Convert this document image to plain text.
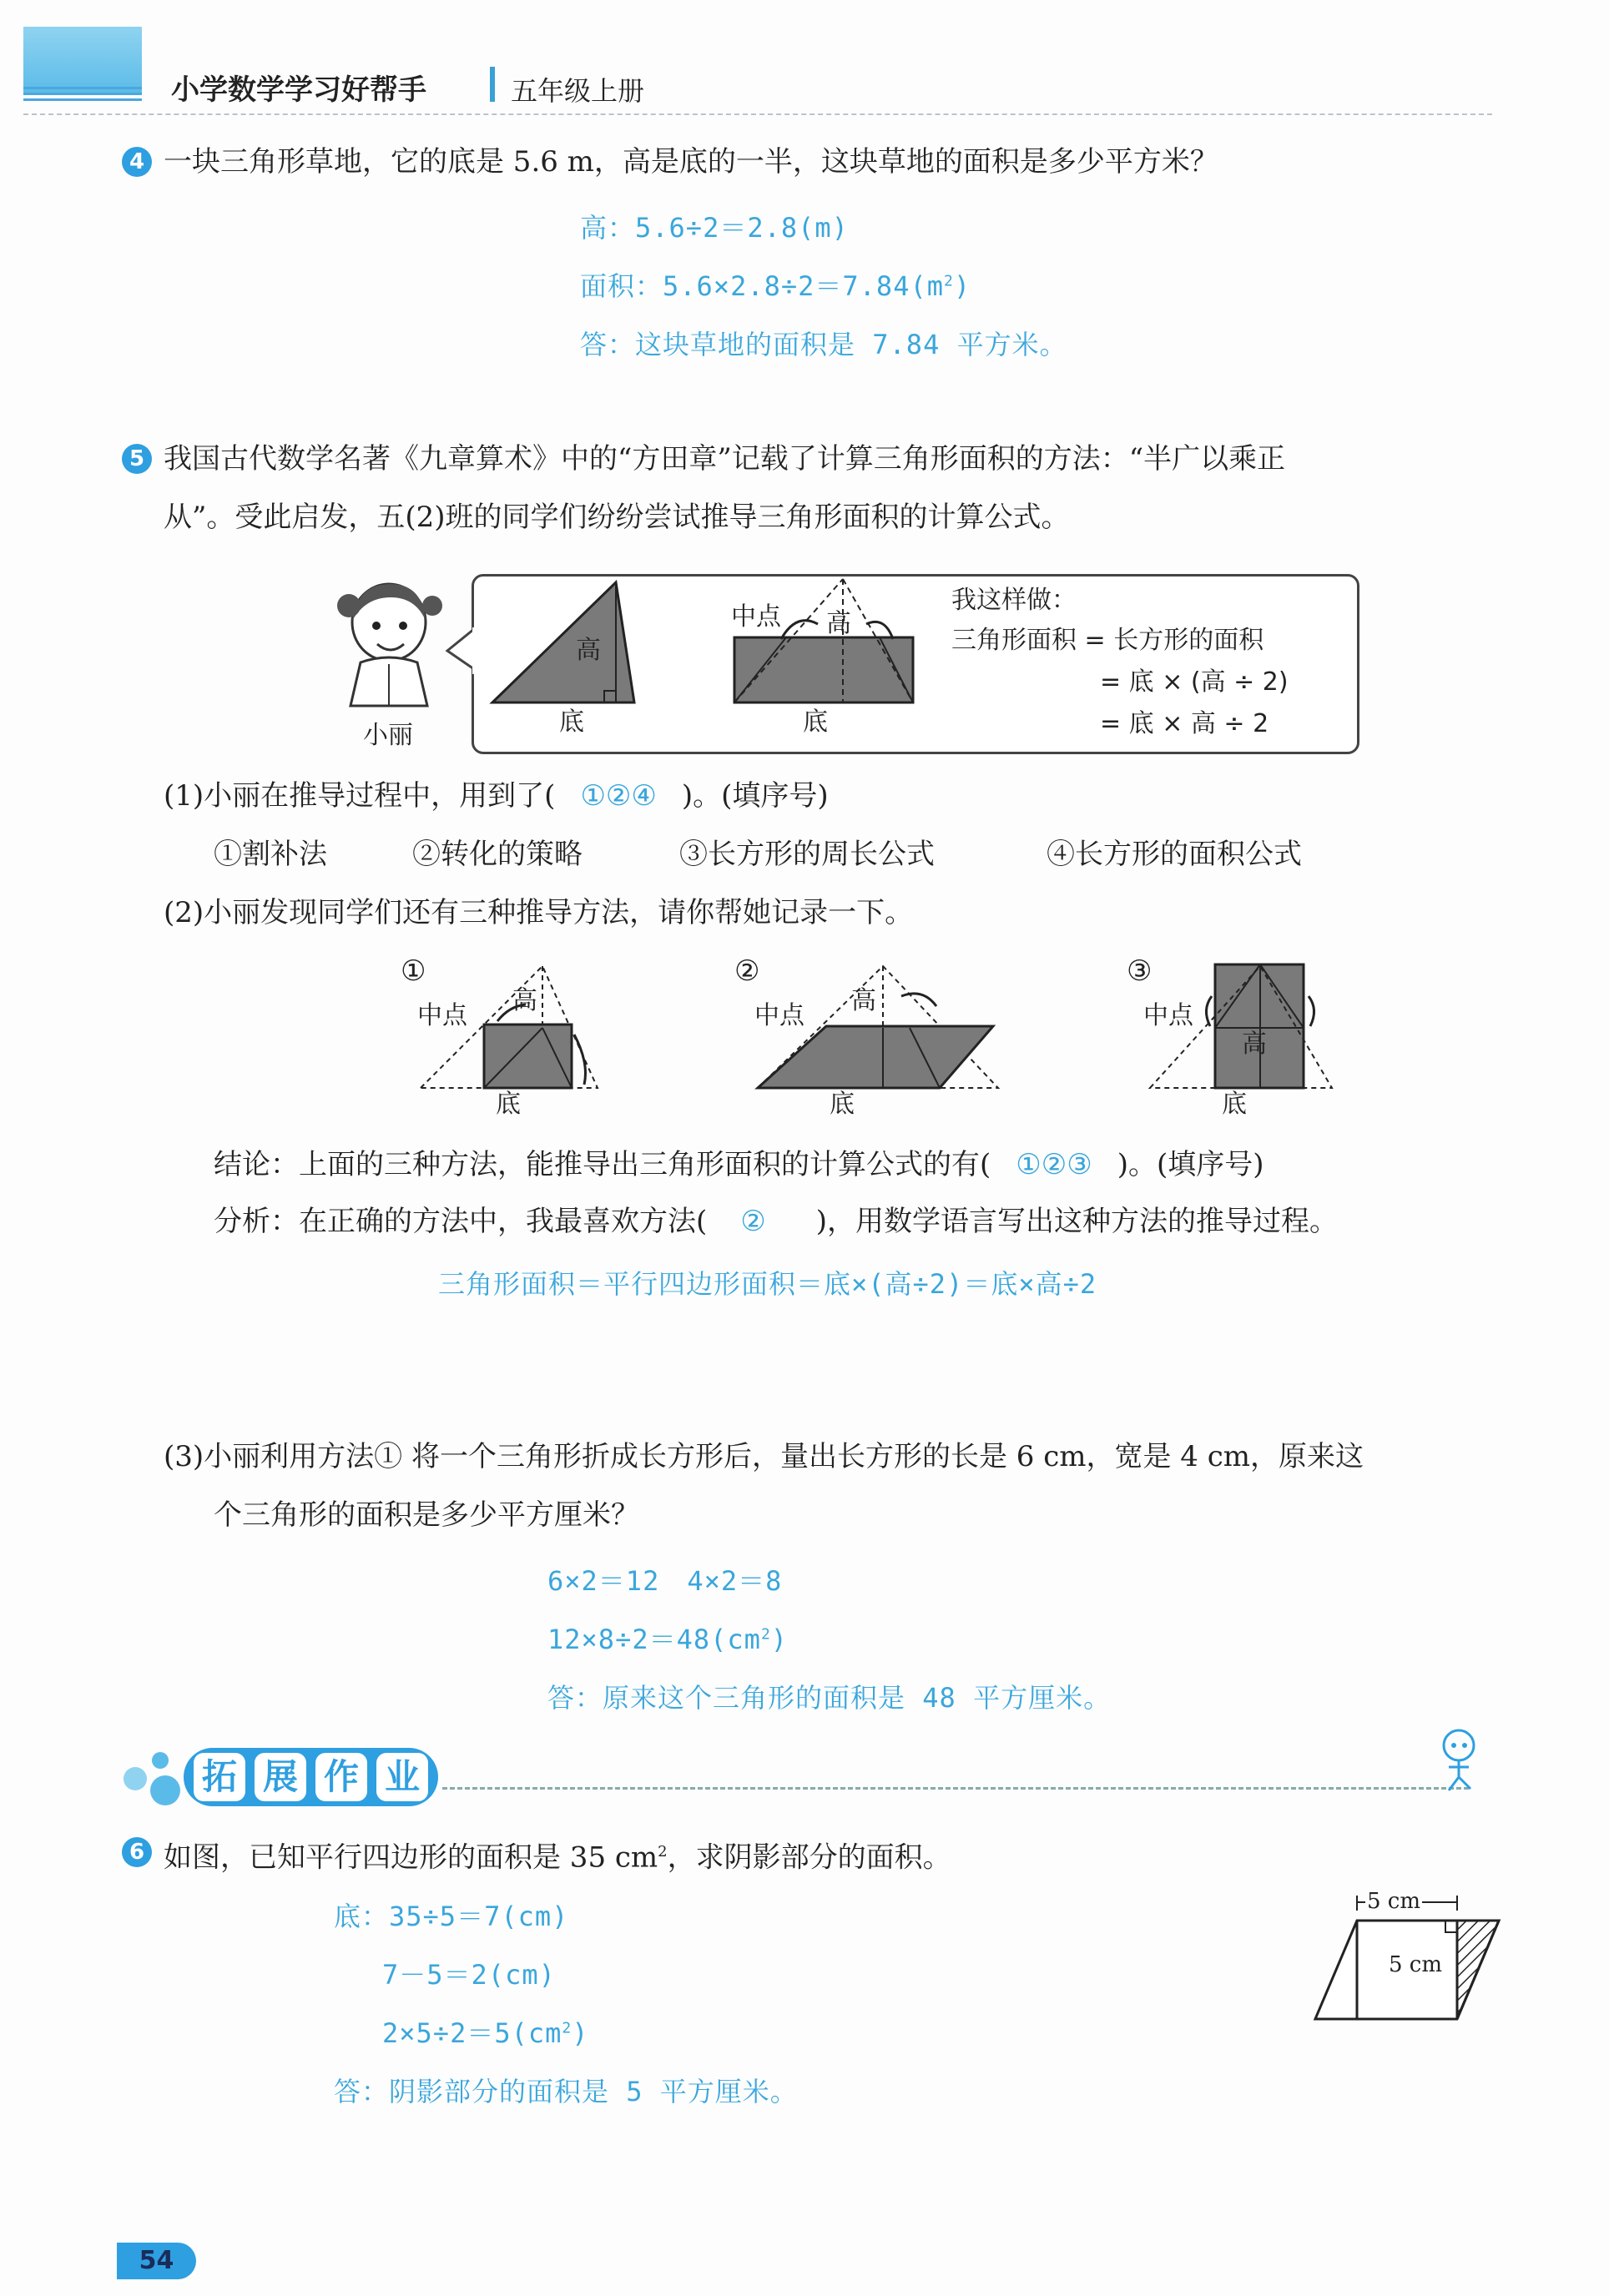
小学数学学习好帮手	五年级上册
4 一块三角形草地，它的底是 5.6 m，高是底的一半，这块草地的面积是多少平方米？
高：5.6÷2＝2.8(m)
面积：$5.6\times 2.8\div 2=7.84(m^2)$
答：这块草地的面积是 7.84 平方米。
5 我国古代数学名著《九章算术》中的“方田章”记载了计算三角形面积的方法：“半广以乘正
从”。受此启发，五(2)班的同学们纷纷尝试推导三角形面积的计算公式。
小丽
高
底
中点 高
底
我这样做：
三角形面积 = 长方形的面积
= 底 × (高 ÷ 2)
= 底 × 高 ÷ 2
(1)小丽在推导过程中，用到了( ①②④ )。(填序号)
①割补法	②转化的策略	③长方形的周长公式	④长方形的面积公式
(2)小丽发现同学们还有三种推导方法，请你帮她记录一下。
①
中点
高
底
②
中点
高
底
③
中点
高
底
结论：上面的三种方法，能推导出三角形面积的计算公式的有( ①②③ )。(填序号)
分析：在正确的方法中，我最喜欢方法( ② )，用数学语言写出这种方法的推导过程。
三角形面积＝平行四边形面积＝底×(高÷2)＝底×高÷2
(3)小丽利用方法① 将一个三角形折成长方形后，量出长方形的长是 6 cm，宽是 4 cm，原来这
个三角形的面积是多少平方厘米？
6×2＝12　4×2＝8
$12\times 8\div 2=48(cm^2)$
答：原来这个三角形的面积是 48 平方厘米。
拓 展 作 业
6 如图，已知平行四边形的面积是 35 $cm^2$，求阴影部分的面积。
5 cm
5 cm
底：35÷5＝7(cm)
7－5＝2(cm)
$2\times 5\div 2=5(cm^2)$
答：阴影部分的面积是 5 平方厘米。
54
